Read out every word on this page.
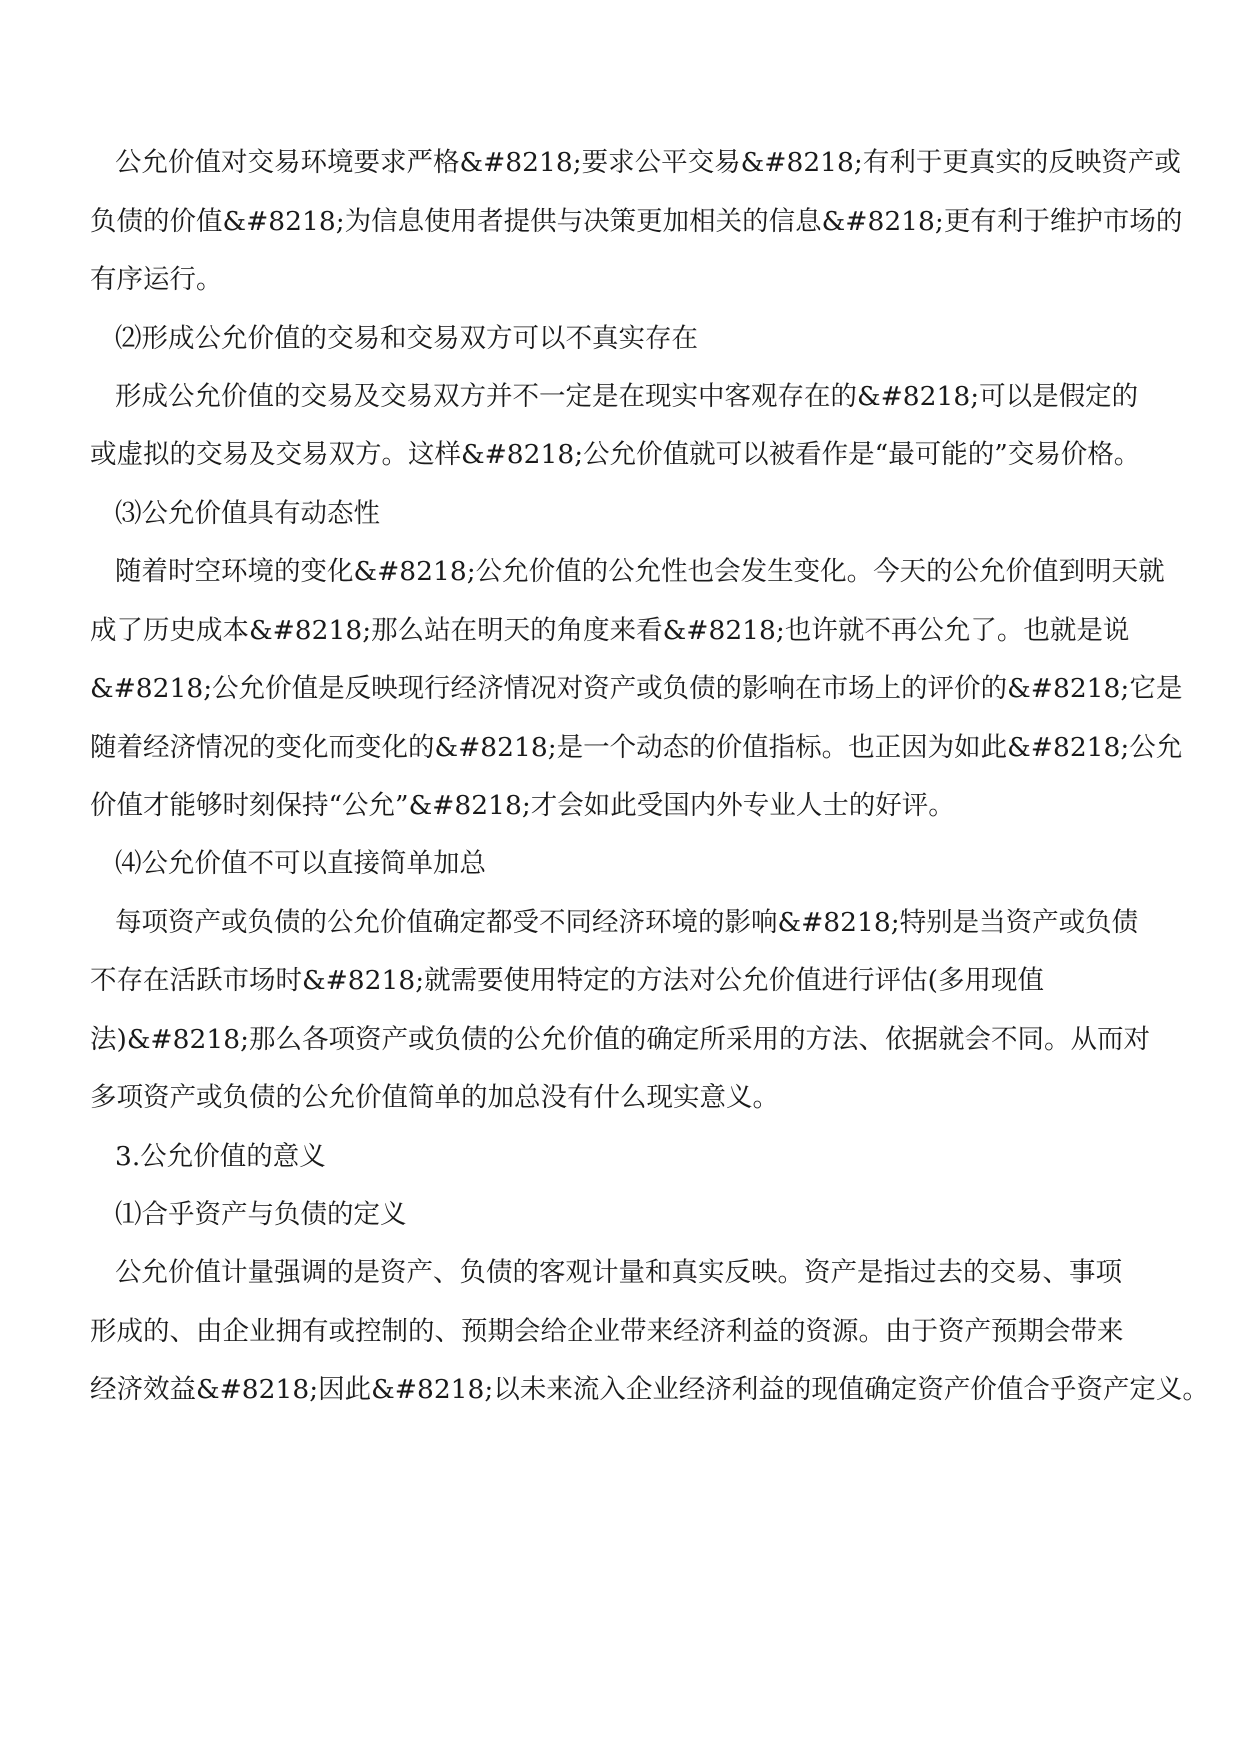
公允价值对交易环境要求严格&#8218;要求公平交易&#8218;有利于更真实的反映资产或

负债的价值&#8218;为信息使用者提供与决策更加相关的信息&#8218;更有利于维护市场的

有序运行。

⑵形成公允价值的交易和交易双方可以不真实存在

形成公允价值的交易及交易双方并不一定是在现实中客观存在的&#8218;可以是假定的

或虚拟的交易及交易双方。这样&#8218;公允价值就可以被看作是“最可能的”交易价格。

⑶公允价值具有动态性

随着时空环境的变化&#8218;公允价值的公允性也会发生变化。今天的公允价值到明天就

成了历史成本&#8218;那么站在明天的角度来看&#8218;也许就不再公允了。也就是说

&#8218;公允价值是反映现行经济情况对资产或负债的影响在市场上的评价的&#8218;它是

随着经济情况的变化而变化的&#8218;是一个动态的价值指标。也正因为如此&#8218;公允

价值才能够时刻保持“公允”&#8218;才会如此受国内外专业人士的好评。

⑷公允价值不可以直接简单加总

每项资产或负债的公允价值确定都受不同经济环境的影响&#8218;特别是当资产或负债

不存在活跃市场时&#8218;就需要使用特定的方法对公允价值进行评估(多用现值

法)&#8218;那么各项资产或负债的公允价值的确定所采用的方法、依据就会不同。从而对

多项资产或负债的公允价值简单的加总没有什么现实意义。

3.公允价值的意义

⑴合乎资产与负债的定义

公允价值计量强调的是资产、负债的客观计量和真实反映。资产是指过去的交易、事项

形成的、由企业拥有或控制的、预期会给企业带来经济利益的资源。由于资产预期会带来

经济效益&#8218;因此&#8218;以未来流入企业经济利益的现值确定资产价值合乎资产定义。
